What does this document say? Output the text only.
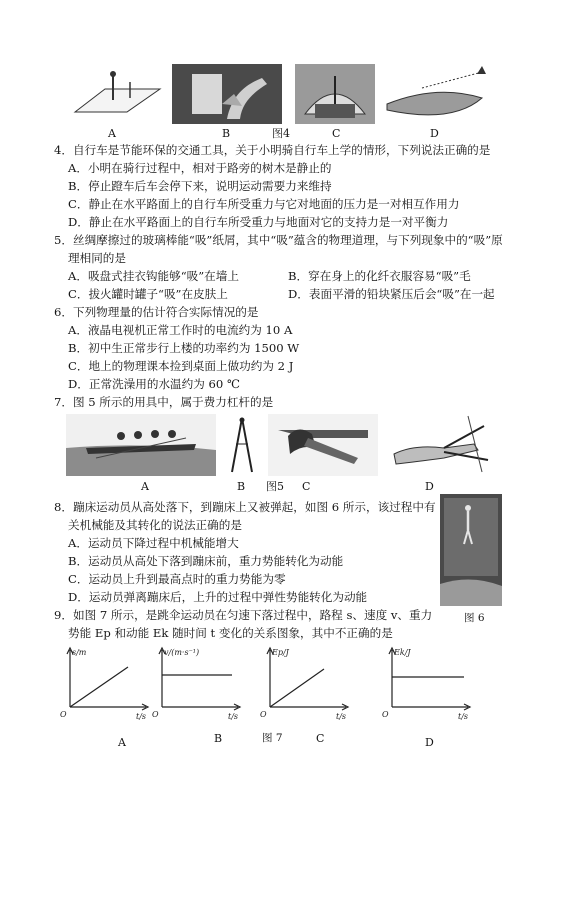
A	B	图4	C	D
4．自行车是节能环保的交通工具，关于小明骑自行车上学的情形，下列说法正确的是
A．小明在骑行过程中，相对于路旁的树木是静止的
B．停止蹬车后车会停下来，说明运动需要力来维持
C．静止在水平路面上的自行车所受重力与它对地面的压力是一对相互作用力
D．静止在水平路面上的自行车所受重力与地面对它的支持力是一对平衡力
5．丝绸摩擦过的玻璃棒能“吸”纸屑，其中“吸”蕴含的物理道理，与下列现象中的“吸”原
理相同的是
A．吸盘式挂衣钩能够“吸”在墙上	B．穿在身上的化纤衣服容易“吸”毛
C．拔火罐时罐子“吸”在皮肤上	D．表面平滑的铅块紧压后会“吸”在一起
6．下列物理量的估计符合实际情况的是
A．液晶电视机正常工作时的电流约为 10 A
B．初中生正常步行上楼的功率约为 1500 W
C．地上的物理课本捡到桌面上做功约为 2 J
D．正常洗澡用的水温约为 60 ℃
7．图 5 所示的用具中，属于费力杠杆的是
A	B 图5 C	D
8．蹦床运动员从高处落下，到蹦床上又被弹起，如图 6 所示，该过程中有
关机械能及其转化的说法正确的是
A．运动员下降过程中机械能增大
B．运动员从高处下落到蹦床前，重力势能转化为动能
C．运动员上升到最高点时的重力势能为零
D．运动员弹离蹦床后，上升的过程中弹性势能转化为动能
图 6
9．如图 7 所示，是跳伞运动员在匀速下落过程中，路程 s、速度 v、重力
势能 Ep 和动能 Ek 随时间 t 变化的关系图象，其中不正确的是
s/m
t/s
O
A
v/(m·s⁻¹)
t/s
O
B
Ep/J
t/s
O
图 7	C
Ek/J
t/s
O
D
